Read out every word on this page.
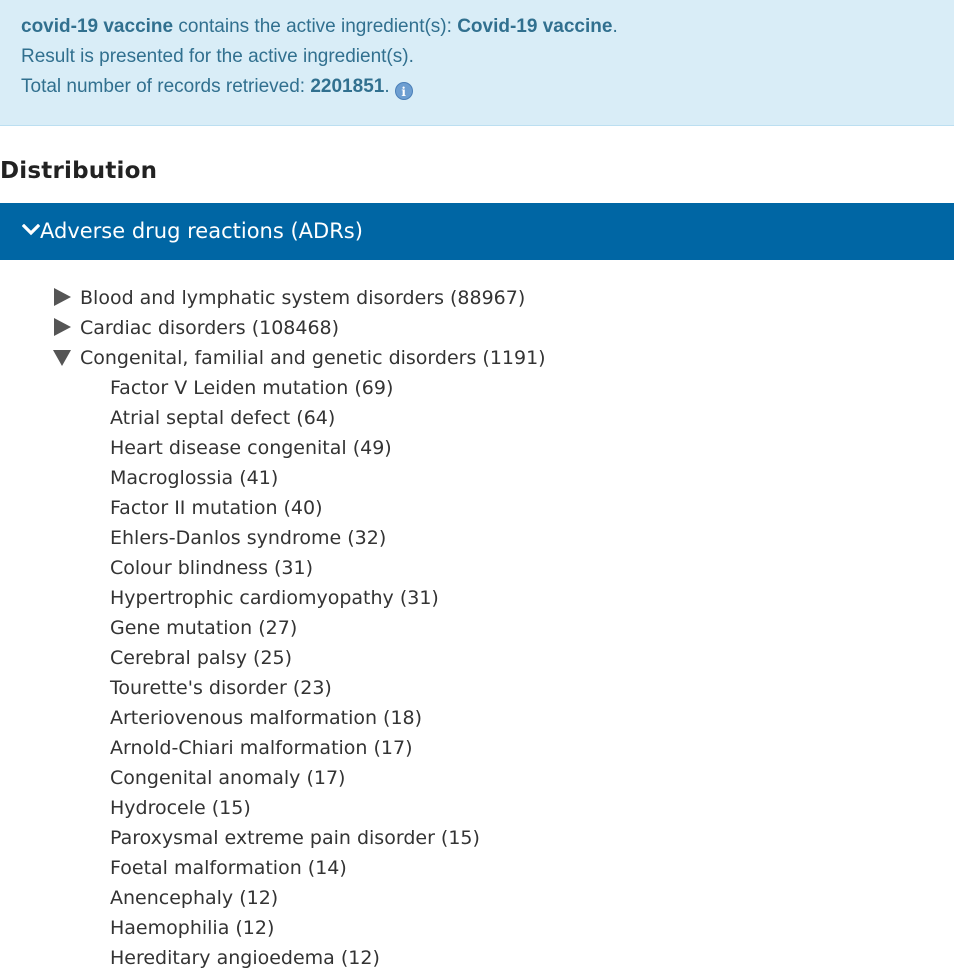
covid-19 vaccine contains the active ingredient(s): Covid-19 vaccine.
Result is presented for the active ingredient(s).
Total number of records retrieved: 2201851. i
Distribution
Adverse drug reactions (ADRs)
Blood and lymphatic system disorders (88967)
Cardiac disorders (108468)
Congenital, familial and genetic disorders (1191)
Factor V Leiden mutation (69)
Atrial septal defect (64)
Heart disease congenital (49)
Macroglossia (41)
Factor II mutation (40)
Ehlers-Danlos syndrome (32)
Colour blindness (31)
Hypertrophic cardiomyopathy (31)
Gene mutation (27)
Cerebral palsy (25)
Tourette's disorder (23)
Arteriovenous malformation (18)
Arnold-Chiari malformation (17)
Congenital anomaly (17)
Hydrocele (15)
Paroxysmal extreme pain disorder (15)
Foetal malformation (14)
Anencephaly (12)
Haemophilia (12)
Hereditary angioedema (12)
